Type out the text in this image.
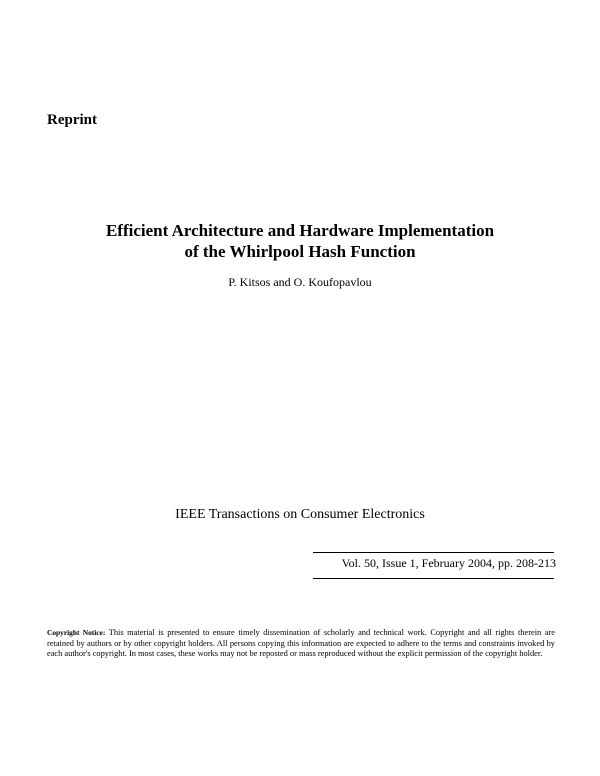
Reprint

Efficient Architecture and Hardware Implementation
of the Whirlpool Hash Function

P. Kitsos and O. Koufopavlou

IEEE Transactions on Consumer Electronics

Vol. 50, Issue 1, February 2004, pp. 208-213

Copyright Notice: This material is presented to ensure timely dissemination of scholarly and technical work. Copyright and all rights therein are retained by authors or by other copyright holders. All persons copying this information are expected to adhere to the terms and constraints invoked by each author's copyright. In most cases, these works may not be reposted or mass reproduced without the explicit permission of the copyright holder.
